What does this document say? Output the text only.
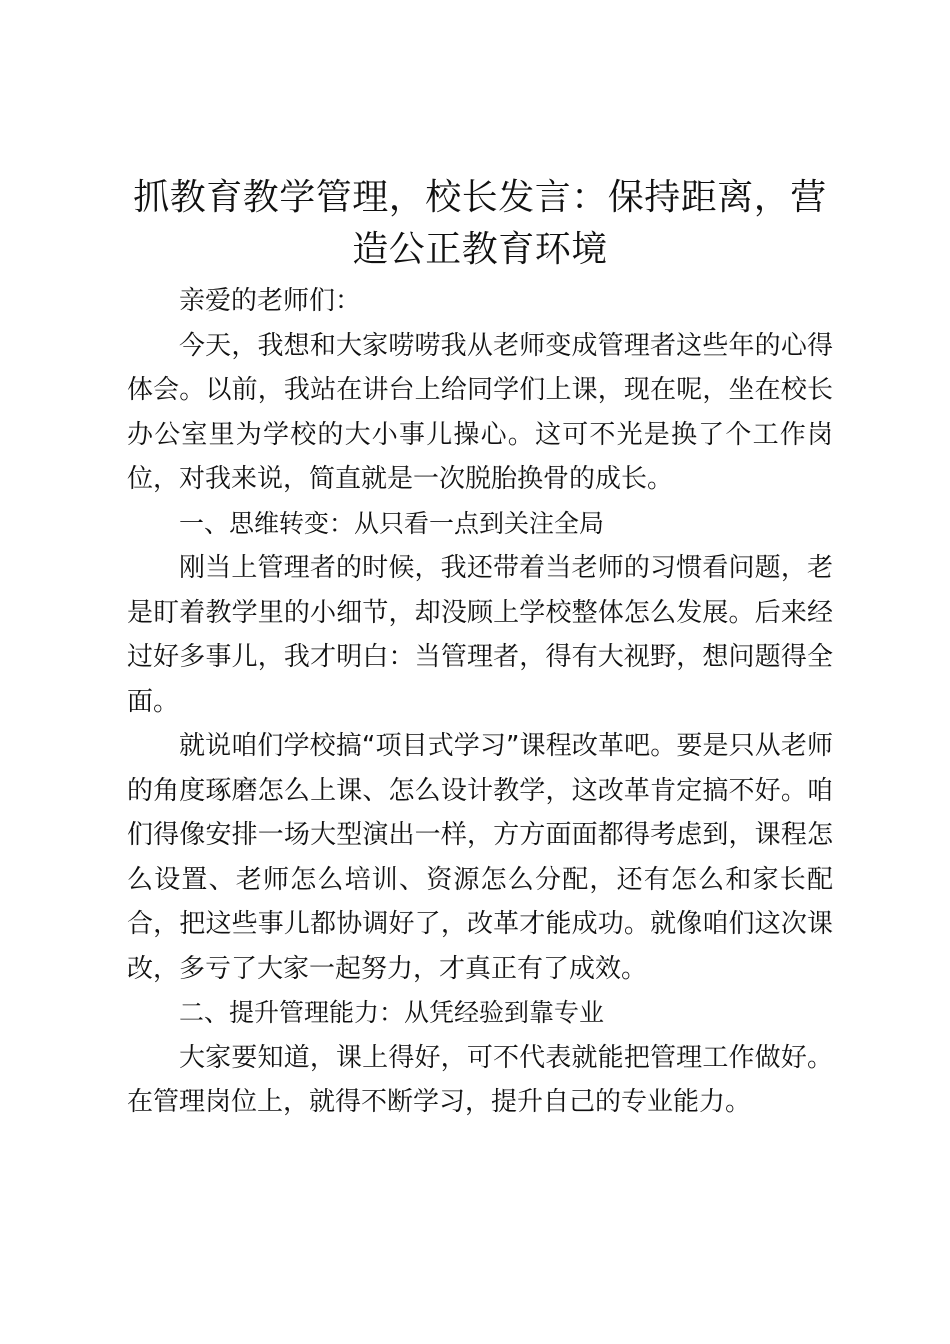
抓教育教学管理，校长发言：保持距离，营造公正教育环境

亲爱的老师们：

今天，我想和大家唠唠我从老师变成管理者这些年的心得体会。以前，我站在讲台上给同学们上课，现在呢，坐在校长办公室里为学校的大小事儿操心。这可不光是换了个工作岗位，对我来说，简直就是一次脱胎换骨的成长。

一、思维转变：从只看一点到关注全局

刚当上管理者的时候，我还带着当老师的习惯看问题，老是盯着教学里的小细节，却没顾上学校整体怎么发展。后来经过好多事儿，我才明白：当管理者，得有大视野，想问题得全面。

就说咱们学校搞“项目式学习”课程改革吧。要是只从老师的角度琢磨怎么上课、怎么设计教学，这改革肯定搞不好。咱们得像安排一场大型演出一样，方方面面都得考虑到，课程怎么设置、老师怎么培训、资源怎么分配，还有怎么和家长配合，把这些事儿都协调好了，改革才能成功。就像咱们这次课改，多亏了大家一起努力，才真正有了成效。

二、提升管理能力：从凭经验到靠专业

大家要知道，课上得好，可不代表就能把管理工作做好。在管理岗位上，就得不断学习，提升自己的专业能力。
